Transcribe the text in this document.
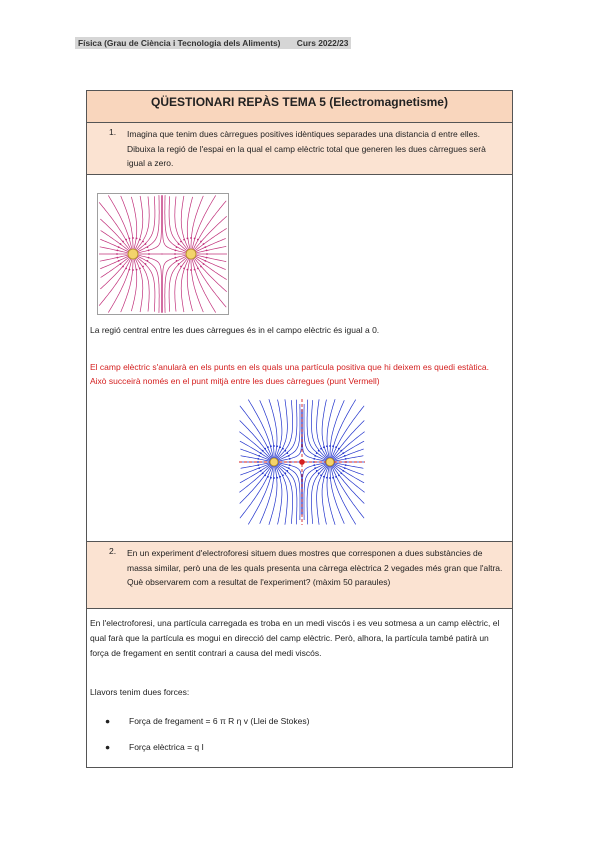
Física (Grau de Ciència i Tecnologia dels Aliments) Curs 2022/23
QÜESTIONARI REPÀS TEMA 5 (Electromagnetisme)
1. Imagina que tenim dues càrregues positives idèntiques separades una distancia d entre elles. Dibuixa la regió de l'espai en la qual el camp elèctric total que generen les dues càrregues serà igual a zero.
La regió central entre les dues càrregues és in el campo elèctric és igual a 0.
El camp elèctric s'anularà en els punts en els quals una partícula positiva que hi deixem es quedi estàtica. Això succeirà només en el punt mitjà entre les dues càrregues (punt Vermell)
2. En un experiment d'electroforesi situem dues mostres que corresponen a dues substàncies de massa similar, però una de les quals presenta una càrrega elèctrica 2 vegades més gran que l'altra. Què observarem com a resultat de l'experiment? (màxim 50 paraules)
En l'electroforesi, una partícula carregada es troba en un medi viscós i es veu sotmesa a un camp elèctric, el qual farà que la partícula es mogui en direcció del camp elèctric. Però, alhora, la partícula també patirà un força de fregament en sentit contrari a causa del medi viscós.
Llavors tenim dues forces:
● Força de fregament = 6 π R η v (Llei de Stokes)
● Força elèctrica = q I
